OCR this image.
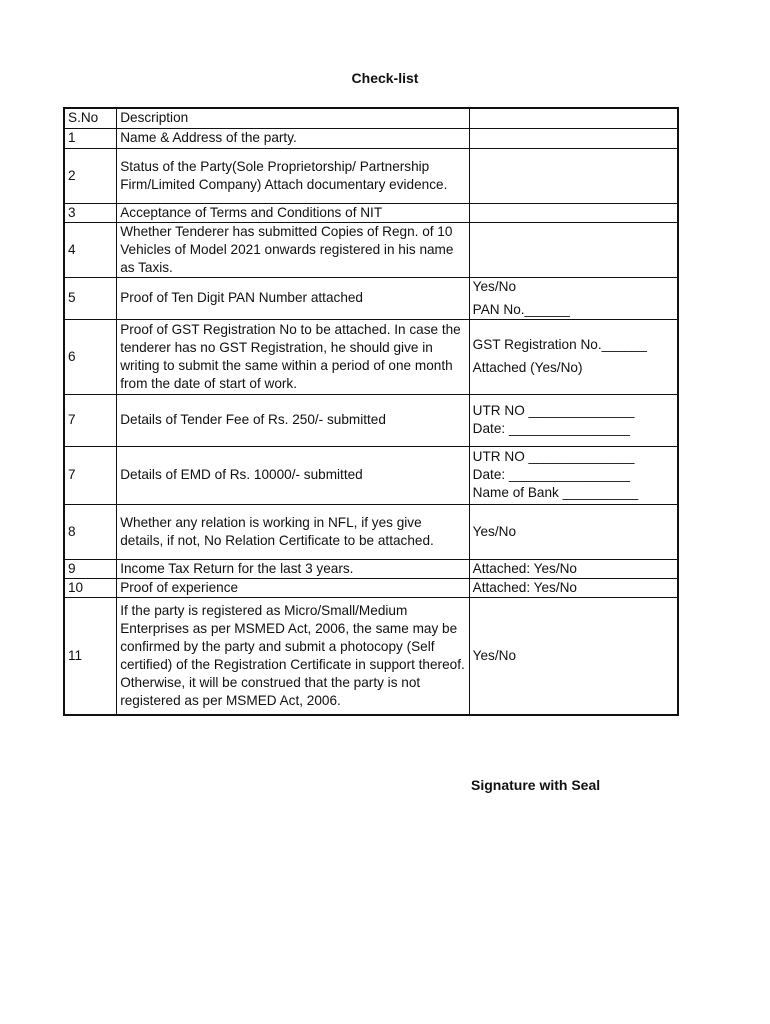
Check-list
S.No	Description	
1	Name & Address of the party.	
2	Status of the Party(Sole Proprietorship/ Partnership Firm/Limited Company) Attach documentary evidence.	
3	Acceptance of Terms and Conditions of NIT	
4	Whether Tenderer has submitted Copies of Regn. of 10 Vehicles of Model 2021 onwards registered in his name as Taxis.	
5	Proof of Ten Digit PAN Number attached	Yes/No
PAN No.______

6	Proof of GST Registration No to be attached. In case the tenderer has no GST Registration, he should give in writing to submit the same within a period of one month from the date of start of work.	GST Registration No.______
Attached (Yes/No)

7	Details of Tender Fee of Rs. 250/- submitted	UTR NO ______________
Date: ________________

7	Details of EMD of Rs. 10000/- submitted	UTR NO ______________
Date: ________________
Name of Bank __________

8	Whether any relation is working in NFL, if yes give details, if not, No Relation Certificate to be attached.	Yes/No

9	Income Tax Return for the last 3 years.	Attached: Yes/No

10	Proof of experience	Attached: Yes/No

11	If the party is registered as Micro/Small/Medium Enterprises as per MSMED Act, 2006, the same may be confirmed by the party and submit a photocopy (Self certified) of the Registration Certificate in support thereof. Otherwise, it will be construed that the party is not registered as per MSMED Act, 2006.	Yes/No
Signature with Seal
